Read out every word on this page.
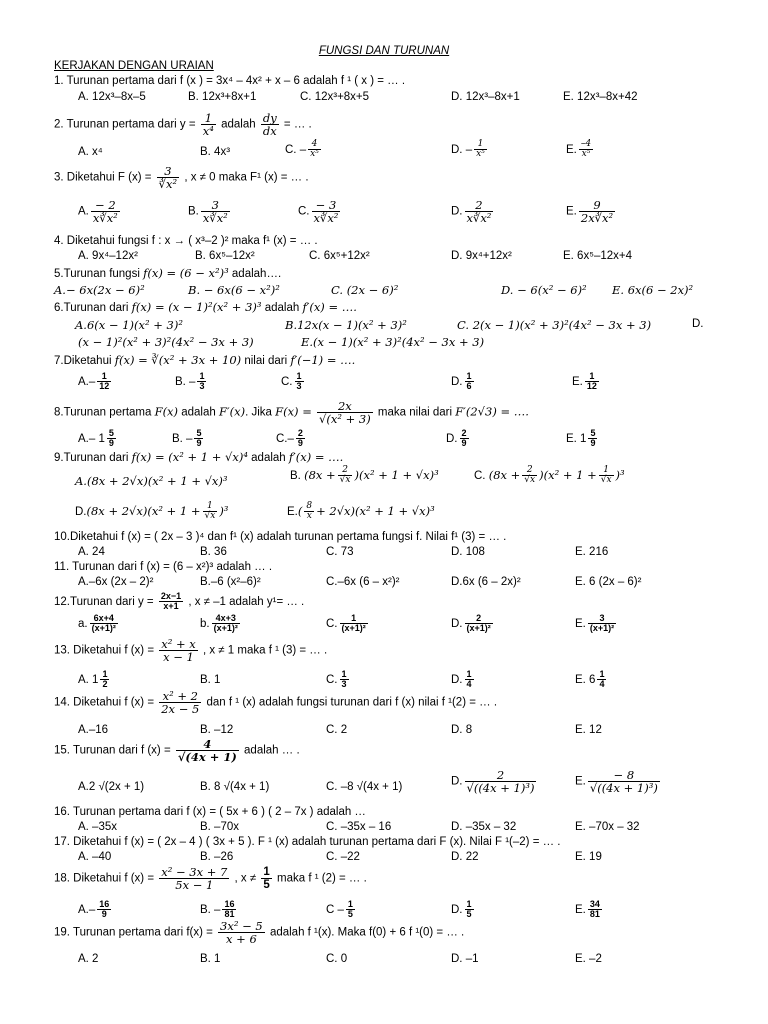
FUNGSI DAN TURUNAN
KERJAKAN DENGAN URAIAN
1. Turunan pertama dari f (x ) = 3x⁴ – 4x² + x – 6 adalah f ¹ ( x ) = … .
A. 12x³–8x–5	B. 12x³+8x+1	C. 12x³+8x+5	D. 12x³–8x+1	E. 12x³–8x+42
2. Turunan pertama dari $y = \frac{1}{\text{x⁴}}$ adalah $\frac{dy}{dx}$ = … .
A. x⁴	B. 4x³	C. – $\frac{4}{\text{x⁵}}$	D. – $\frac{1}{\text{x⁵}}$	E. $\frac{-4}{\text{x⁵}}$
3. Diketahui F $(x) = \frac{3}{\text{∛x²}}$ , x ≠ 0 maka F¹ (x) = … .
A. $\frac{- 2}{\text{x∛x²}}$	B. $\frac{3}{\text{x∛x²}}$	C. $\frac{- 3}{\text{x∛x²}}$	D. $\frac{2}{\text{x∛x²}}$	E. $\frac{9}{\text{2x∛x²}}$
4. Diketahui fungsi f : x → ( x³–2 )² maka f¹ (x) = … .
A. 9x⁴–12x²	B. 6x⁵–12x²	C. 6x⁵+12x²	D. 9x⁴+12x²	E. 6x⁵–12x+4
5.Turunan fungsi f(x) = (6 − x²)³ adalah….
A.− 6x(2x − 6)²	B. − 6x(6 − x²)²	C. (2x − 6)²	D. − 6(x² − 6)² E. 6x(6 − 2x)²
6.Turunan dari f(x) = (x − 1)²(x² + 3)³ adalah f′(x) = ….
A.6(x − 1)(x² + 3)²	B.12x(x − 1)(x² + 3)²	C. 2(x − 1)(x² + 3)²(4x² − 3x + 3)	D.
(x − 1)²(x² + 3)²(4x² − 3x + 3)	E.(x − 1)(x² + 3)²(4x² − 3x + 3)
7.Diketahui f(x) = ∛(x² + 3x + 10) nilai dari f′(−1) = ….
$A.- \frac{1}{12}$	B. – $\frac{1}{3}$	C. $\frac{1}{3}$	D. $\frac{1}{6}$	E. $\frac{1}{12}$
8.Turunan pertama F(x) adalah F′(x). Jika $F(x) = \frac{2x}{\text{√(x² + 3)}}$ maka nilai dari F′(2√3) = ….
A.– $1 \frac{5}{9}$	B. – $\frac{5}{9}$	$C.- \frac{2}{9}$	D. $\frac{2}{9}$	E. $1 \frac{5}{9}$
9.Turunan dari f(x) = (x² + 1 + √x)⁴ adalah f′(x) = ….
A.(8x + 2√x)(x² + 1 + √x)³	B. $(8x + \frac{2}{√x} )(x^2 + 1 + √x)^3$	C. $(8x + \frac{2}{√x} )(x^2 + 1 + \frac{1}{√x} )^3$
$D.(8x + 2√x)(x^2 + 1 + \frac{1}{√x} )^3$	$E.( \frac{8}{x} + 2√x)(x^2 + 1 + √x)^3$
10.Diketahui f (x) = ( 2x – 3 )⁴ dan f¹ (x) adalah turunan pertama fungsi f. Nilai f¹ (3) = … .
A. 24	B. 36	C. 73	D. 108	E. 216
11. Turunan dari f (x) = (6 – x²)³ adalah … .
A.–6x (2x – 2)²	B.–6 (x²–6)²	C.–6x (6 – x²)²	D.6x (6 – 2x)²	E. 6 (2x – 6)²
12.Turunan dari $y = \frac{2x-1}{x+1}$ , x ≠ –1 adalah y¹= … .
a. $\frac{6x+4}{\text{(x+1)²}}$	b. $\frac{4x+3}{\text{(x+1)²}}$	C. $\frac{1}{\text{(x+1)²}}$	D. $\frac{2}{\text{(x+1)²}}$	E. $\frac{3}{\text{(x+1)²}}$
13. Diketahui f $(x) = \frac{\text{x² + x}}{x - 1}$ , x ≠ 1 maka f ¹ (3) = … .
A. $1 \frac{1}{2}$	B. 1	C. $\frac{1}{3}$	D. $\frac{1}{4}$	E. $6 \frac{1}{4}$
14. Diketahui f $(x) = \frac{\text{x² + 2}}{2x - 5}$ dan f ¹ (x) adalah fungsi turunan dari f (x) nilai f ¹(2) = … .
A.–16	B. –12	C. 2	D. 8	E. 12
15. Turunan dari f $(x) = \frac{4}{√(4x + 1)}$ adalah … .
A.2 √(2x + 1)	B. 8 √(4x + 1)	C. –8 √(4x + 1)	D. $\frac{2}{\text{√((4x + 1)³)}}$	E. $\frac{- 8}{\text{√((4x + 1)³)}}$
16. Turunan pertama dari f (x) = ( 5x + 6 ) ( 2 – 7x ) adalah …
A. –35x	B. –70x	C. –35x – 16	D. –35x – 32	E. –70x – 32
17. Diketahui f (x) = ( 2x – 4 ) ( 3x + 5 ). F ¹ (x) adalah turunan pertama dari F (x). Nilai F ¹(–2) = … .
A. –40	B. –26	C. –22	D. 22	E. 19
18. Diketahui f $(x) = \frac{\text{x² − 3x + 7}}{5x - 1}$ , $x \ne \frac{1}{5}$ maka f ¹ (2) = … .
$A.- \frac{16}{9}$	B. – $\frac{16}{81}$	C – $\frac{1}{5}$	D. $\frac{1}{5}$	E. $\frac{34}{81}$
19. Turunan pertama dari $f(x) = \frac{\text{3x² − 5}}{x + 6}$ adalah f ¹(x). Maka f(0) + 6 f ¹(0) = … .
A. 2	B. 1	C. 0	D. –1	E. –2
